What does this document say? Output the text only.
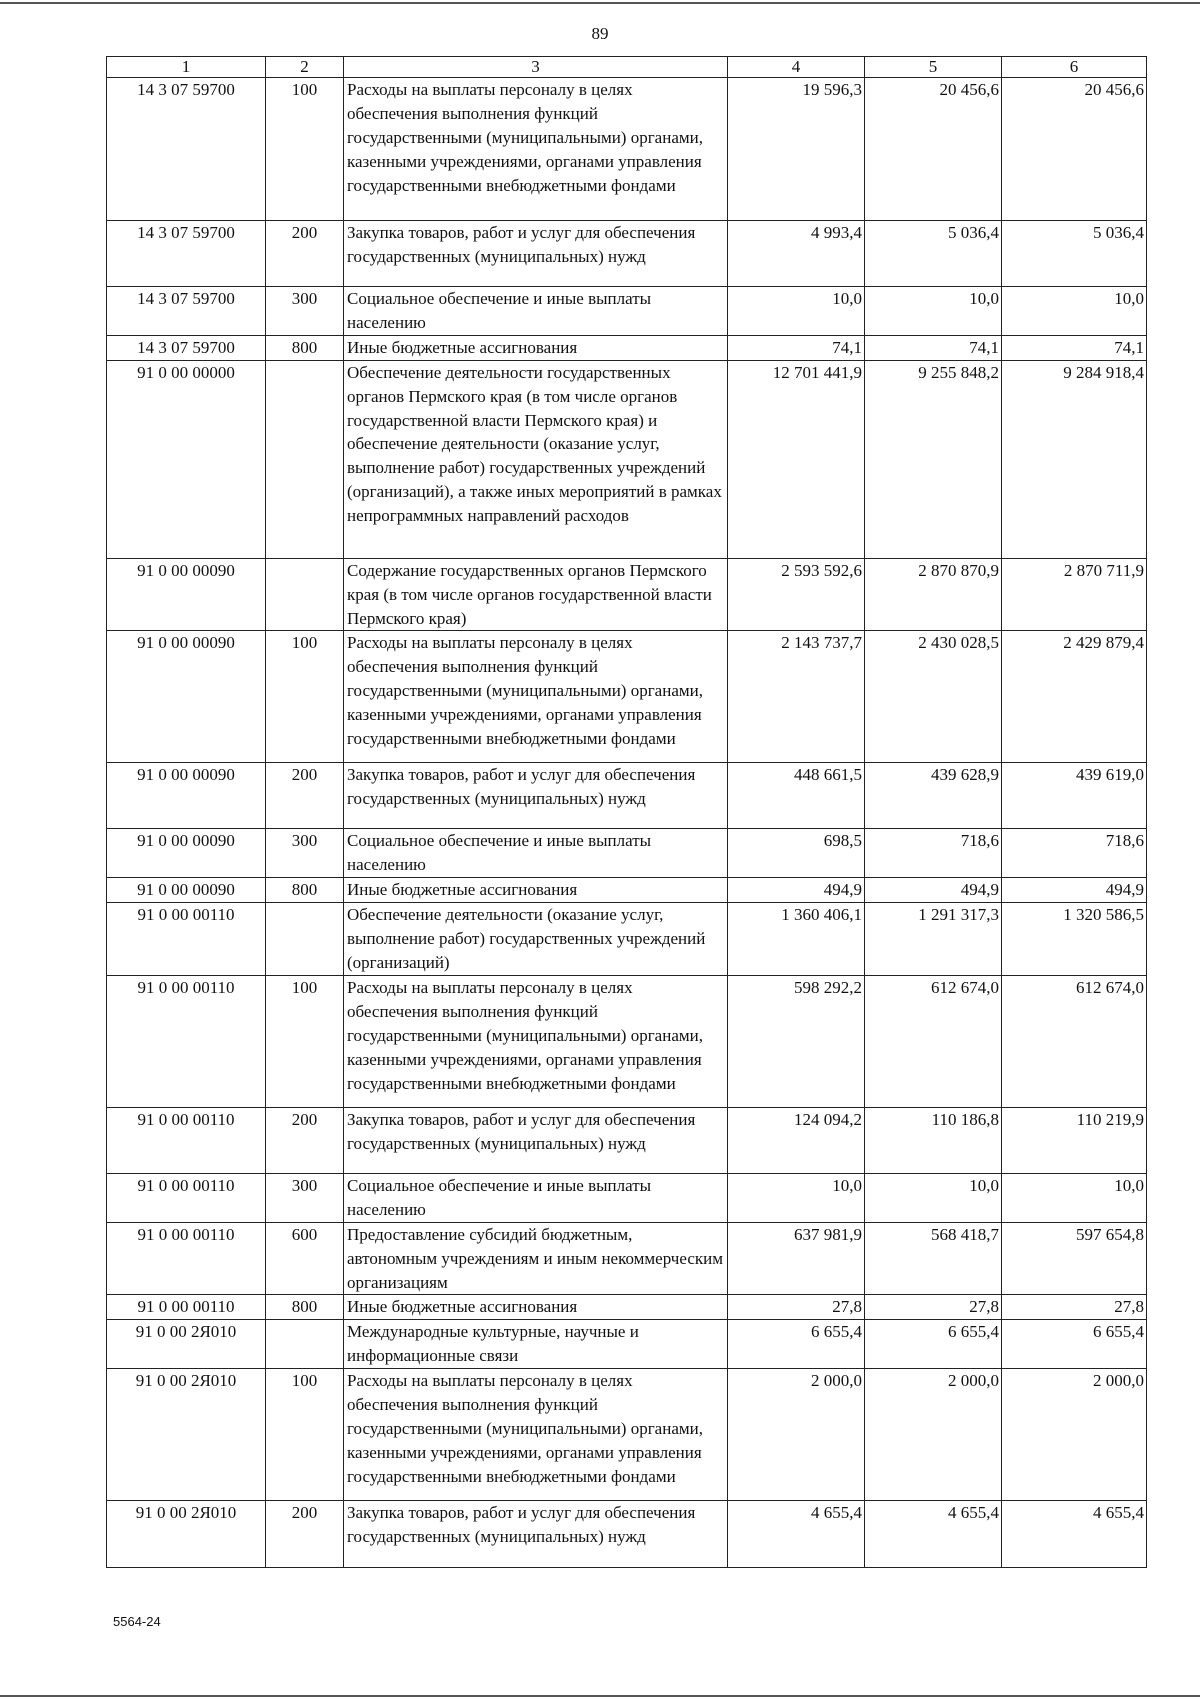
89
1	2	3	4	5	6
14 3 07 59700	100	Расходы на выплаты персоналу в целях обеспечения выполнения функций государственными (муниципальными) органами, казенными учреждениями, органами управления государственными внебюджетными фондами	19 596,3	20 456,6	20 456,6
14 3 07 59700	200	Закупка товаров, работ и услуг для обеспечения государственных (муниципальных) нужд	4 993,4	5 036,4	5 036,4
14 3 07 59700	300	Социальное обеспечение и иные выплаты населению	10,0	10,0	10,0
14 3 07 59700	800	Иные бюджетные ассигнования	74,1	74,1	74,1
91 0 00 00000		Обеспечение деятельности государственных органов Пермского края (в том числе органов государственной власти Пермского края) и обеспечение деятельности (оказание услуг, выполнение работ) государственных учреждений (организаций), а также иных мероприятий в рамках непрограммных направлений расходов	12 701 441,9	9 255 848,2	9 284 918,4
91 0 00 00090		Содержание государственных органов Пермского края (в том числе органов государственной власти Пермского края)	2 593 592,6	2 870 870,9	2 870 711,9
91 0 00 00090	100	Расходы на выплаты персоналу в целях обеспечения выполнения функций государственными (муниципальными) органами, казенными учреждениями, органами управления государственными внебюджетными фондами	2 143 737,7	2 430 028,5	2 429 879,4
91 0 00 00090	200	Закупка товаров, работ и услуг для обеспечения государственных (муниципальных) нужд	448 661,5	439 628,9	439 619,0
91 0 00 00090	300	Социальное обеспечение и иные выплаты населению	698,5	718,6	718,6
91 0 00 00090	800	Иные бюджетные ассигнования	494,9	494,9	494,9
91 0 00 00110		Обеспечение деятельности (оказание услуг, выполнение работ) государственных учреждений (организаций)	1 360 406,1	1 291 317,3	1 320 586,5
91 0 00 00110	100	Расходы на выплаты персоналу в целях обеспечения выполнения функций государственными (муниципальными) органами, казенными учреждениями, органами управления государственными внебюджетными фондами	598 292,2	612 674,0	612 674,0
91 0 00 00110	200	Закупка товаров, работ и услуг для обеспечения государственных (муниципальных) нужд	124 094,2	110 186,8	110 219,9
91 0 00 00110	300	Социальное обеспечение и иные выплаты населению	10,0	10,0	10,0
91 0 00 00110	600	Предоставление субсидий бюджетным, автономным учреждениям и иным некоммерческим организациям	637 981,9	568 418,7	597 654,8
91 0 00 00110	800	Иные бюджетные ассигнования	27,8	27,8	27,8
91 0 00 2Я010		Международные культурные, научные и информационные связи	6 655,4	6 655,4	6 655,4
91 0 00 2Я010	100	Расходы на выплаты персоналу в целях обеспечения выполнения функций государственными (муниципальными) органами, казенными учреждениями, органами управления государственными внебюджетными фондами	2 000,0	2 000,0	2 000,0
91 0 00 2Я010	200	Закупка товаров, работ и услуг для обеспечения государственных (муниципальных) нужд	4 655,4	4 655,4	4 655,4
5564-24
